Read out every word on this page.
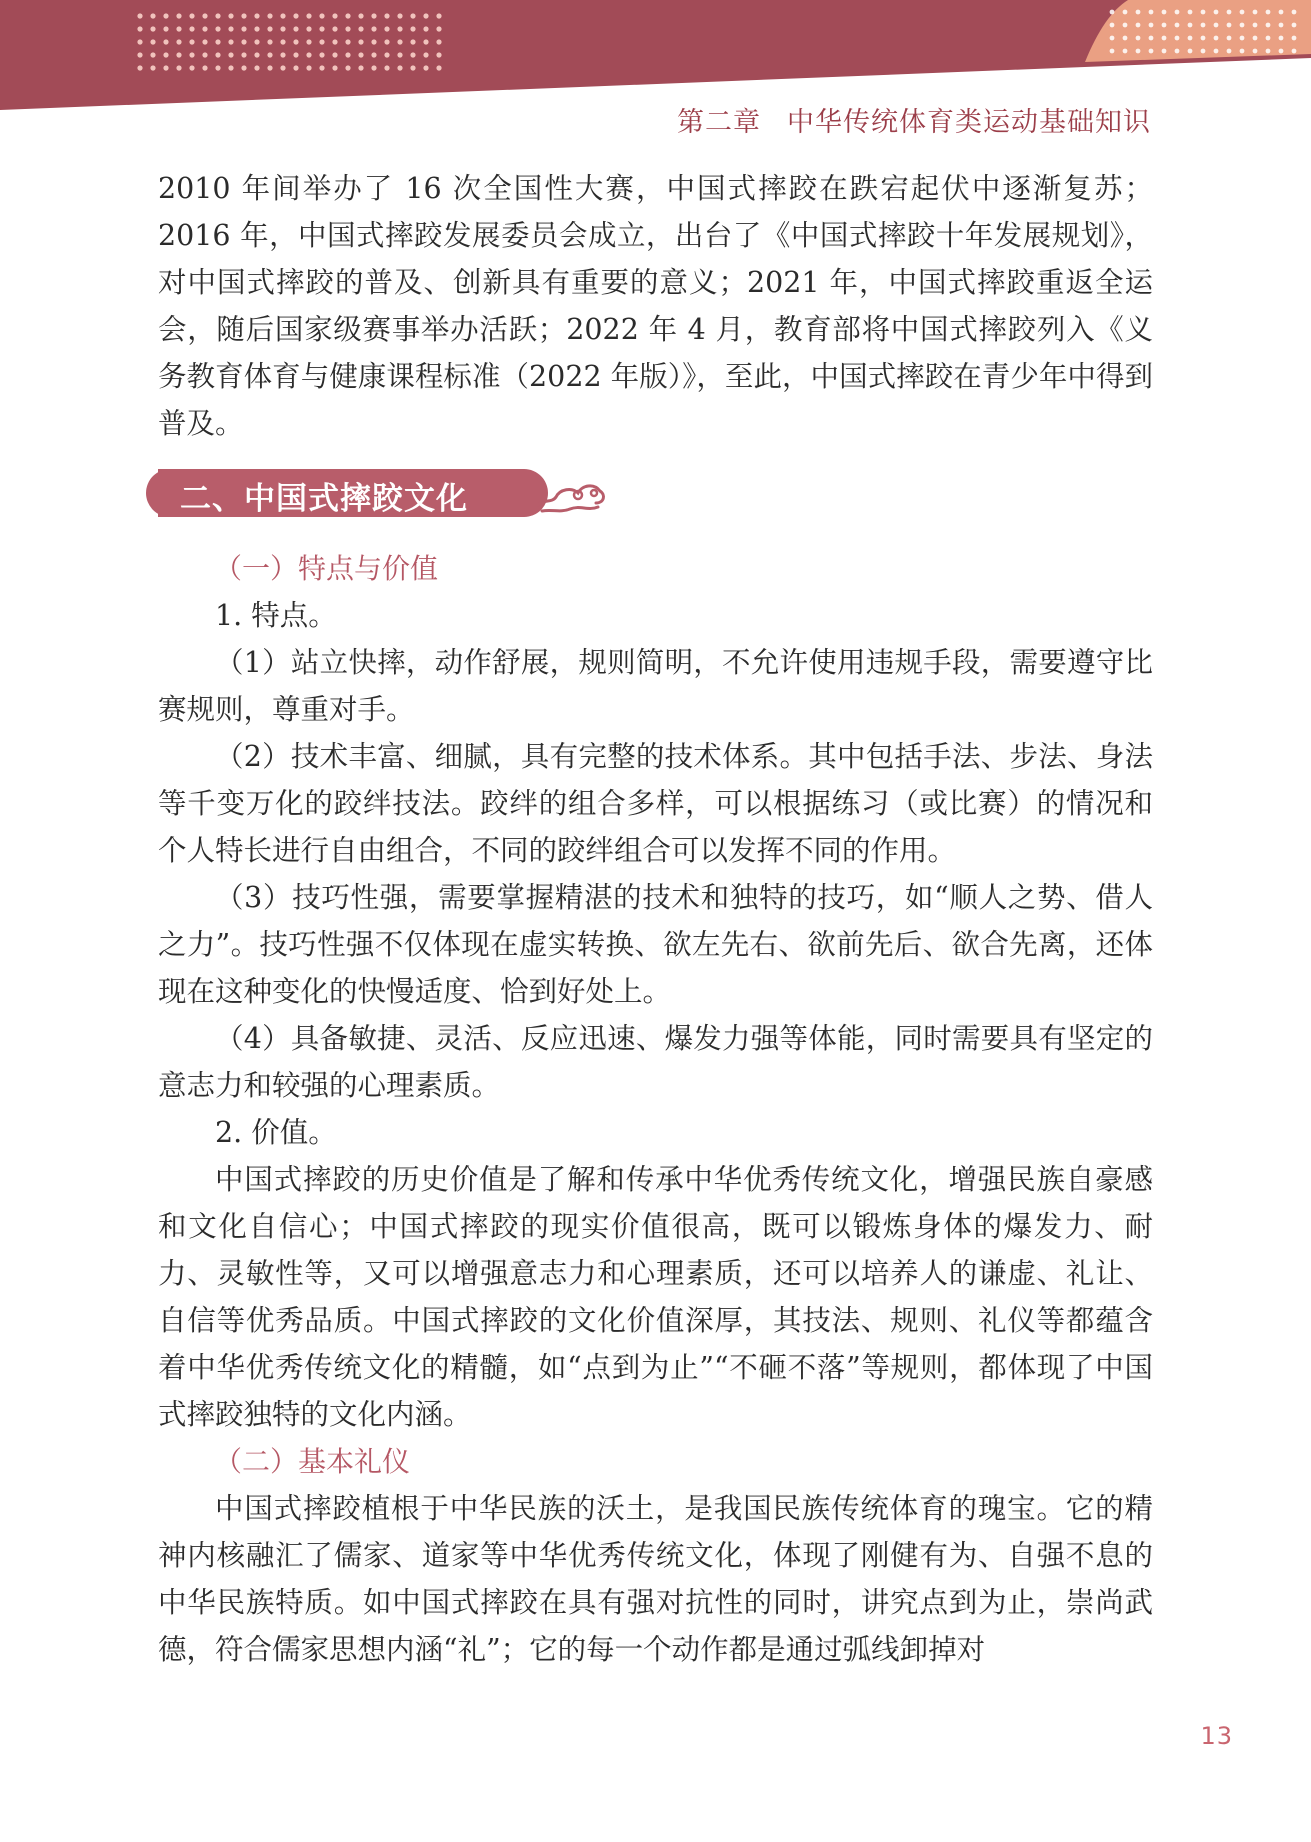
第二章 中华传统体育类运动基础知识

2010 年间举办了 16 次全国性大赛，中国式摔跤在跌宕起伏中逐渐复苏；2016 年，中国式摔跤发展委员会成立，出台了《中国式摔跤十年发展规划》，对中国式摔跤的普及、创新具有重要的意义；2021 年，中国式摔跤重返全运会，随后国家级赛事举办活跃；2022 年 4 月，教育部将中国式摔跤列入《义务教育体育与健康课程标准（2022 年版）》，至此，中国式摔跤在青少年中得到普及。

二、中国式摔跤文化

（一）特点与价值

1. 特点。

（1）站立快摔，动作舒展，规则简明，不允许使用违规手段，需要遵守比赛规则，尊重对手。

（2）技术丰富、细腻，具有完整的技术体系。其中包括手法、步法、身法等千变万化的跤绊技法。跤绊的组合多样，可以根据练习（或比赛）的情况和个人特长进行自由组合，不同的跤绊组合可以发挥不同的作用。

（3）技巧性强，需要掌握精湛的技术和独特的技巧，如“顺人之势、借人之力”。技巧性强不仅体现在虚实转换、欲左先右、欲前先后、欲合先离，还体现在这种变化的快慢适度、恰到好处上。

（4）具备敏捷、灵活、反应迅速、爆发力强等体能，同时需要具有坚定的意志力和较强的心理素质。

2. 价值。

中国式摔跤的历史价值是了解和传承中华优秀传统文化，增强民族自豪感和文化自信心；中国式摔跤的现实价值很高，既可以锻炼身体的爆发力、耐力、灵敏性等，又可以增强意志力和心理素质，还可以培养人的谦虚、礼让、自信等优秀品质。中国式摔跤的文化价值深厚，其技法、规则、礼仪等都蕴含着中华优秀传统文化的精髓，如“点到为止”“不砸不落”等规则，都体现了中国式摔跤独特的文化内涵。

（二）基本礼仪

中国式摔跤植根于中华民族的沃土，是我国民族传统体育的瑰宝。它的精神内核融汇了儒家、道家等中华优秀传统文化，体现了刚健有为、自强不息的中华民族特质。如中国式摔跤在具有强对抗性的同时，讲究点到为止，崇尚武德，符合儒家思想内涵“礼”；它的每一个动作都是通过弧线卸掉对

13
